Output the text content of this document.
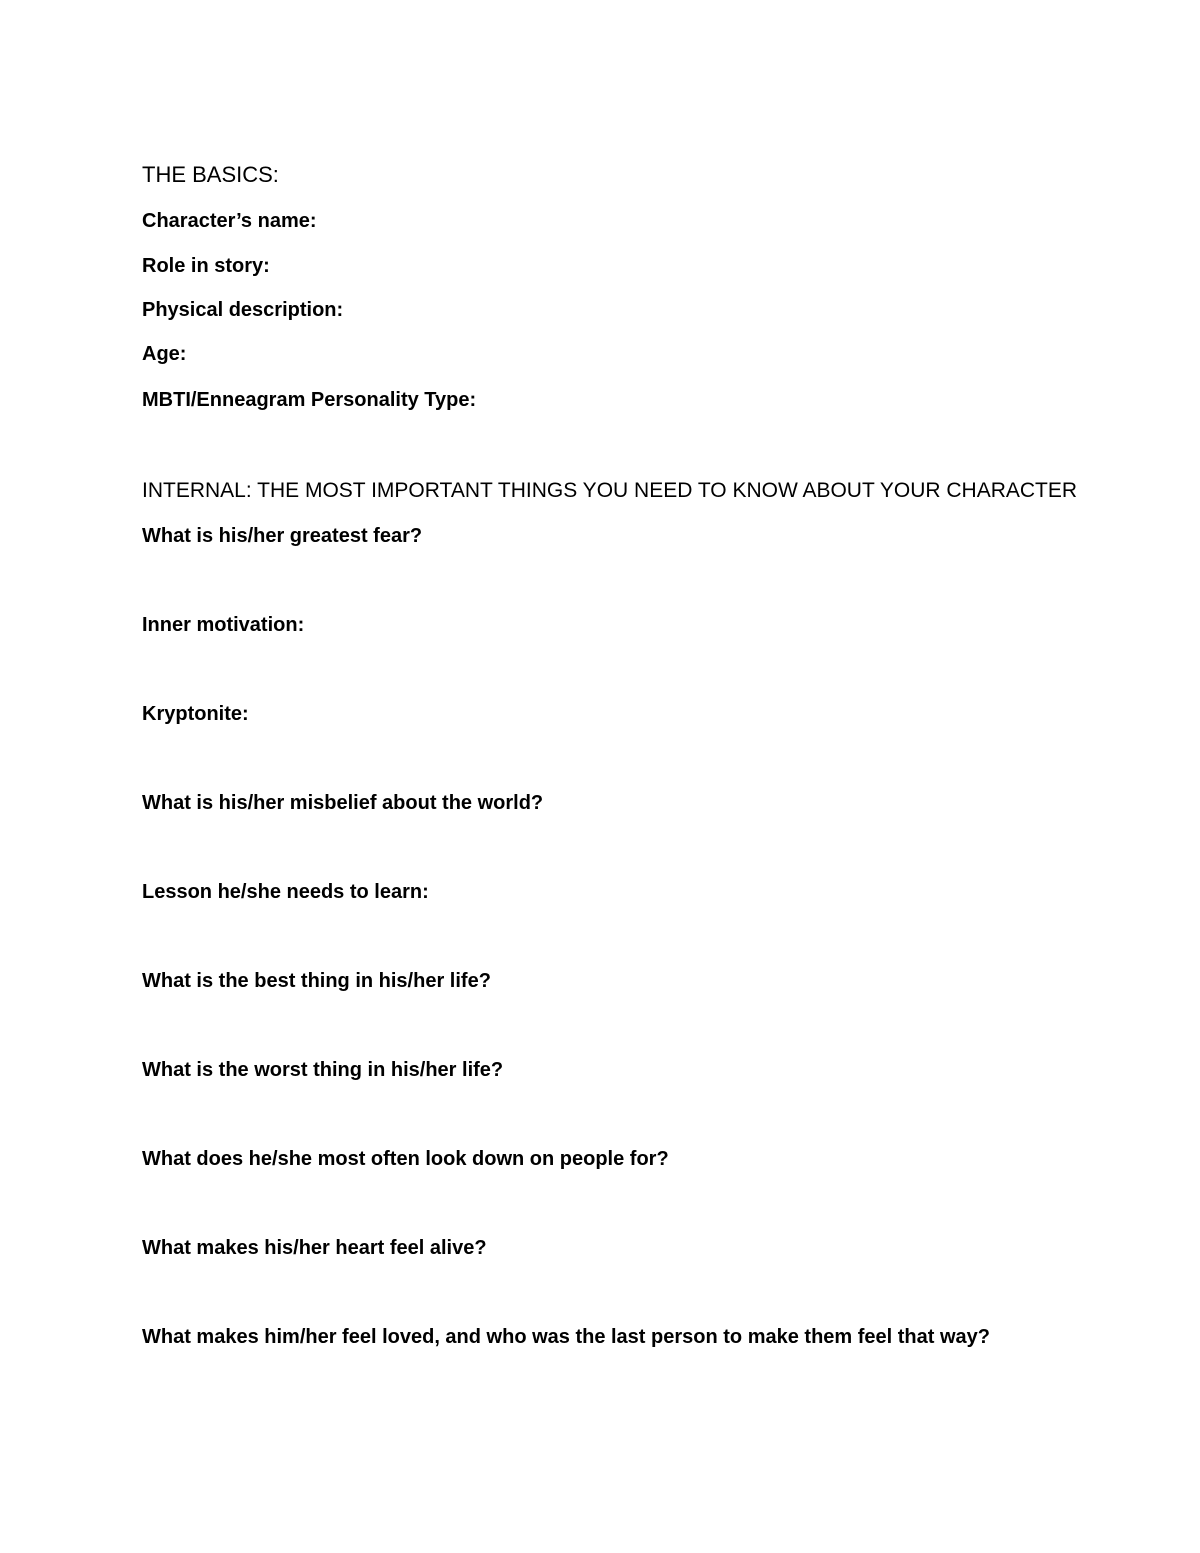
THE BASICS:
Character’s name:
Role in story:
Physical description:
Age:
MBTI/Enneagram Personality Type:
INTERNAL: THE MOST IMPORTANT THINGS YOU NEED TO KNOW ABOUT YOUR CHARACTER
What is his/her greatest fear?
Inner motivation:
Kryptonite:
What is his/her misbelief about the world?
Lesson he/she needs to learn:
What is the best thing in his/her life?
What is the worst thing in his/her life?
What does he/she most often look down on people for?
What makes his/her heart feel alive?
What makes him/her feel loved, and who was the last person to make them feel that way?
